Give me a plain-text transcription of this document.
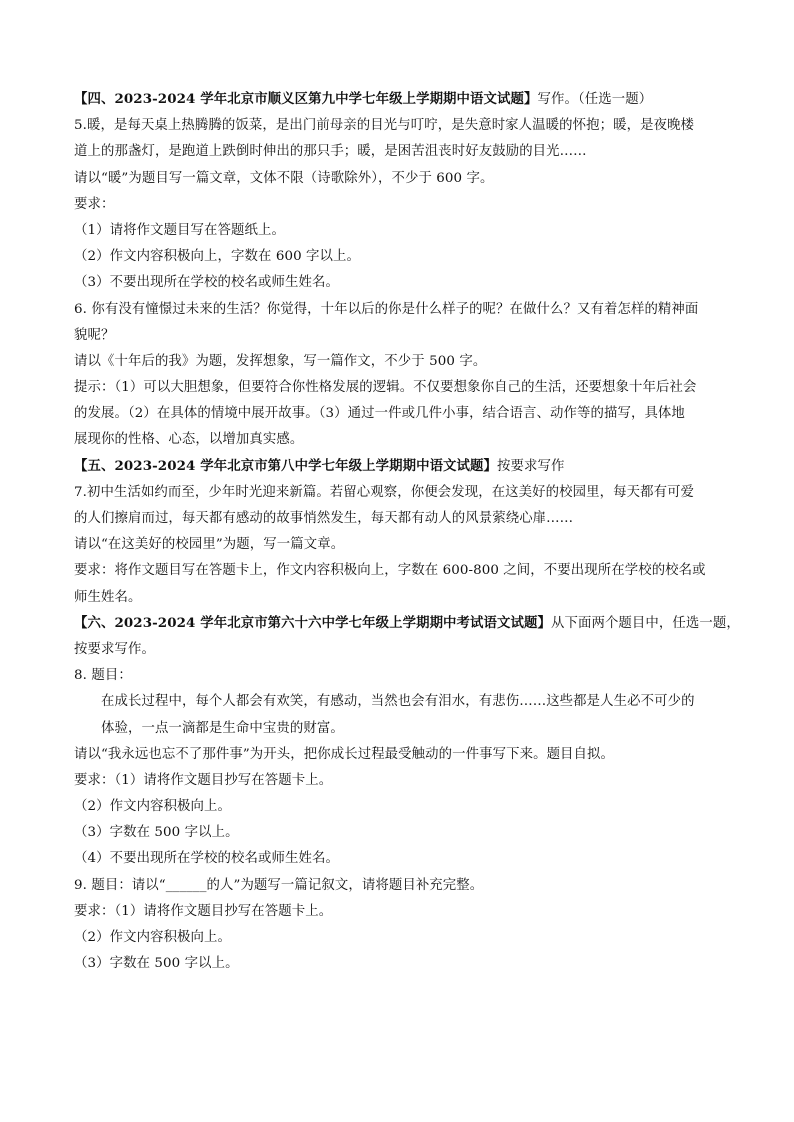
【四、2023-2024 学年北京市顺义区第九中学七年级上学期期中语文试题】写作。（任选一题）
5.暖，是每天桌上热腾腾的饭菜，是出门前母亲的目光与叮咛，是失意时家人温暖的怀抱；暖，是夜晚楼
道上的那盏灯，是跑道上跌倒时伸出的那只手；暖，是困苦沮丧时好友鼓励的目光……
请以“暖”为题目写一篇文章，文体不限（诗歌除外），不少于 600 字。
要求：
（1）请将作文题目写在答题纸上。
（2）作文内容积极向上，字数在 600 字以上。
（3）不要出现所在学校的校名或师生姓名。
6. 你有没有憧憬过未来的生活？你觉得，十年以后的你是什么样子的呢？在做什么？又有着怎样的精神面
貌呢？
请以《十年后的我》为题，发挥想象，写一篇作文，不少于 500 字。
提示：（1）可以大胆想象，但要符合你性格发展的逻辑。不仅要想象你自己的生活，还要想象十年后社会
的发展。（2）在具体的情境中展开故事。（3）通过一件或几件小事，结合语言、动作等的描写，具体地
展现你的性格、心态，以增加真实感。
【五、2023-2024 学年北京市第八中学七年级上学期期中语文试题】按要求写作
7.初中生活如约而至，少年时光迎来新篇。若留心观察，你便会发现，在这美好的校园里，每天都有可爱
的人们擦肩而过，每天都有感动的故事悄然发生，每天都有动人的风景萦绕心扉……
请以“在这美好的校园里”为题，写一篇文章。
要求：将作文题目写在答题卡上，作文内容积极向上，字数在 600-800 之间，不要出现所在学校的校名或
师生姓名。
【六、2023-2024 学年北京市第六十六中学七年级上学期期中考试语文试题】从下面两个题目中，任选一题，
按要求写作。
8. 题目：
在成长过程中，每个人都会有欢笑，有感动，当然也会有泪水，有悲伤……这些都是人生必不可少的
体验，一点一滴都是生命中宝贵的财富。
请以“我永远也忘不了那件事”为开头，把你成长过程最受触动的一件事写下来。题目自拟。
要求：（1）请将作文题目抄写在答题卡上。
（2）作文内容积极向上。
（3）字数在 500 字以上。
（4）不要出现所在学校的校名或师生姓名。
9. 题目：请以“______的人”为题写一篇记叙文，请将题目补充完整。
要求：（1）请将作文题目抄写在答题卡上。
（2）作文内容积极向上。
（3）字数在 500 字以上。
